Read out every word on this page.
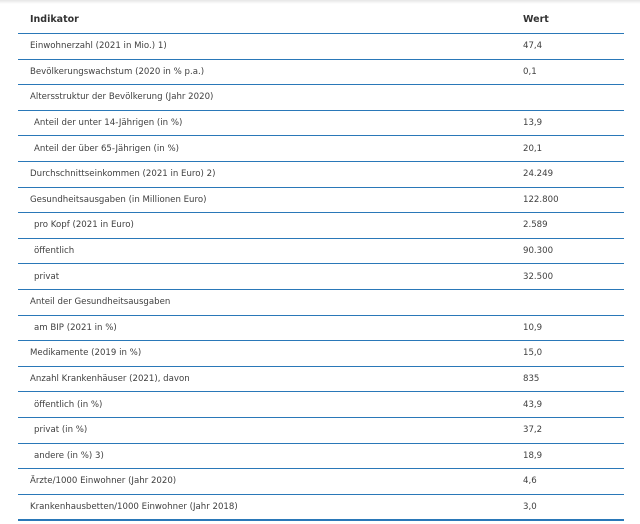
Indikator	Wert
Einwohnerzahl (2021 in Mio.) 1)	47,4
Bevölkerungswachstum (2020 in % p.a.)	0,1
Altersstruktur der Bevölkerung (Jahr 2020)
Anteil der unter 14-Jährigen (in %)	13,9
Anteil der über 65-Jährigen (in %)	20,1
Durchschnittseinkommen (2021 in Euro) 2)	24.249
Gesundheitsausgaben (in Millionen Euro)	122.800
pro Kopf (2021 in Euro)	2.589
öffentlich	90.300
privat	32.500
Anteil der Gesundheitsausgaben
am BIP (2021 in %)	10,9
Medikamente (2019 in %)	15,0
Anzahl Krankenhäuser (2021), davon	835
öffentlich (in %)	43,9
privat (in %)	37,2
andere (in %) 3)	18,9
Ärzte/1000 Einwohner (Jahr 2020)	4,6
Krankenhausbetten/1000 Einwohner (Jahr 2018)	3,0
